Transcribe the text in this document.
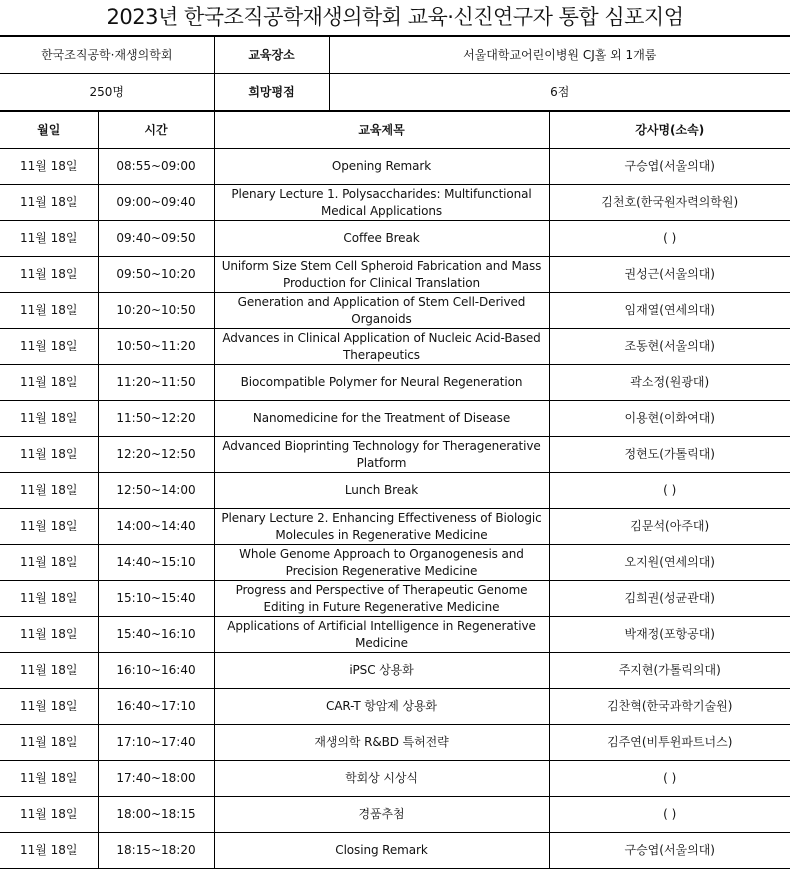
2023년 한국조직공학재생의학회 교육·신진연구자 통합 심포지엄
한국조직공학·재생의학회	교육장소	서울대학교어린이병원 CJ홀 외 1개룸
250명	희망평점	6점
월일	시간	교육제목	강사명(소속)
11월 18일	08:55~09:00	Opening Remark	구승엽(서울의대)
11월 18일	09:00~09:40	Plenary Lecture 1. Polysaccharides: Multifunctional Medical Applications	김천호(한국원자력의학원)
11월 18일	09:40~09:50	Coffee Break	( )
11월 18일	09:50~10:20	Uniform Size Stem Cell Spheroid Fabrication and Mass Production for Clinical Translation	권성근(서울의대)
11월 18일	10:20~10:50	Generation and Application of Stem Cell-Derived Organoids	임재열(연세의대)
11월 18일	10:50~11:20	Advances in Clinical Application of Nucleic Acid-Based Therapeutics	조동현(서울의대)
11월 18일	11:20~11:50	Biocompatible Polymer for Neural Regeneration	곽소정(원광대)
11월 18일	11:50~12:20	Nanomedicine for the Treatment of Disease	이용현(이화여대)
11월 18일	12:20~12:50	Advanced Bioprinting Technology for Theragenerative Platform	정현도(가톨릭대)
11월 18일	12:50~14:00	Lunch Break	( )
11월 18일	14:00~14:40	Plenary Lecture 2. Enhancing Effectiveness of Biologic Molecules in Regenerative Medicine	김문석(아주대)
11월 18일	14:40~15:10	Whole Genome Approach to Organogenesis and Precision Regenerative Medicine	오지원(연세의대)
11월 18일	15:10~15:40	Progress and Perspective of Therapeutic Genome Editing in Future Regenerative Medicine	김희권(성균관대)
11월 18일	15:40~16:10	Applications of Artificial Intelligence in Regenerative Medicine	박재정(포항공대)
11월 18일	16:10~16:40	iPSC 상용화	주지현(가톨릭의대)
11월 18일	16:40~17:10	CAR-T 항암제 상용화	김찬혁(한국과학기술원)
11월 18일	17:10~17:40	재생의학 R&BD 특허전략	김주연(비투윈파트너스)
11월 18일	17:40~18:00	학회상 시상식	( )
11월 18일	18:00~18:15	경품추첨	( )
11월 18일	18:15~18:20	Closing Remark	구승엽(서울의대)
